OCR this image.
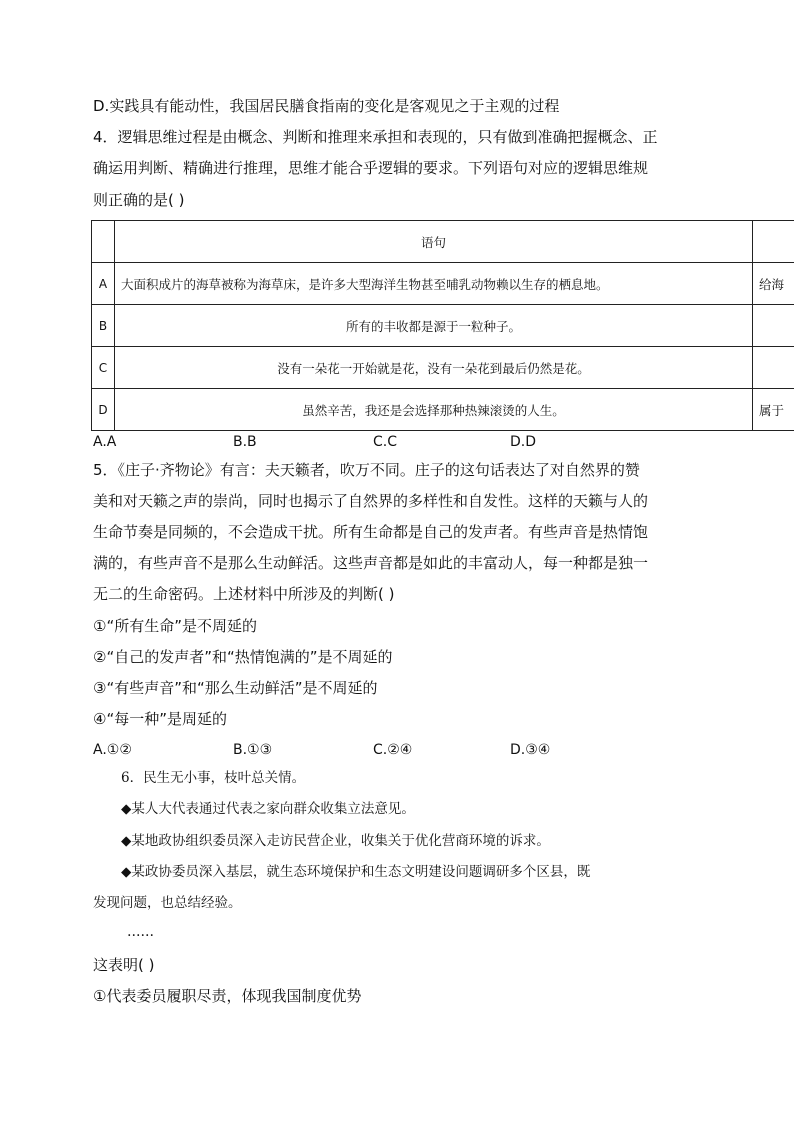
D.实践具有能动性，我国居民膳食指南的变化是客观见之于主观的过程
4．逻辑思维过程是由概念、判断和推理来承担和表现的，只有做到准确把握概念、正
确运用判断、精确进行推理，思维才能合乎逻辑的要求。下列语句对应的逻辑思维规
则正确的是( )
	语句	
A	大面积成片的海草被称为海草床，是许多大型海洋生物甚至哺乳动物赖以生存的栖息地。	给海
B	所有的丰收都是源于一粒种子。	
C	没有一朵花一开始就是花，没有一朵花到最后仍然是花。	
D	虽然辛苦，我还是会选择那种热辣滚烫的人生。	属于
A.A	B.B	C.C	D.D
5．《庄子·齐物论》有言：夫天籁者，吹万不同。庄子的这句话表达了对自然界的赞
美和对天籁之声的崇尚，同时也揭示了自然界的多样性和自发性。这样的天籁与人的
生命节奏是同频的，不会造成干扰。所有生命都是自己的发声者。有些声音是热情饱
满的，有些声音不是那么生动鲜活。这些声音都是如此的丰富动人，每一种都是独一
无二的生命密码。上述材料中所涉及的判断( )
①“所有生命”是不周延的
②“自己的发声者”和“热情饱满的”是不周延的
③“有些声音”和“那么生动鲜活”是不周延的
④“每一种”是周延的
A.①②	B.①③	C.②④	D.③④
6．民生无小事，枝叶总关情。
◆某人大代表通过代表之家向群众收集立法意见。
◆某地政协组织委员深入走访民营企业，收集关于优化营商环境的诉求。
◆某政协委员深入基层，就生态环境保护和生态文明建设问题调研多个区县，既
发现问题，也总结经验。
……
这表明( )
①代表委员履职尽责，体现我国制度优势
